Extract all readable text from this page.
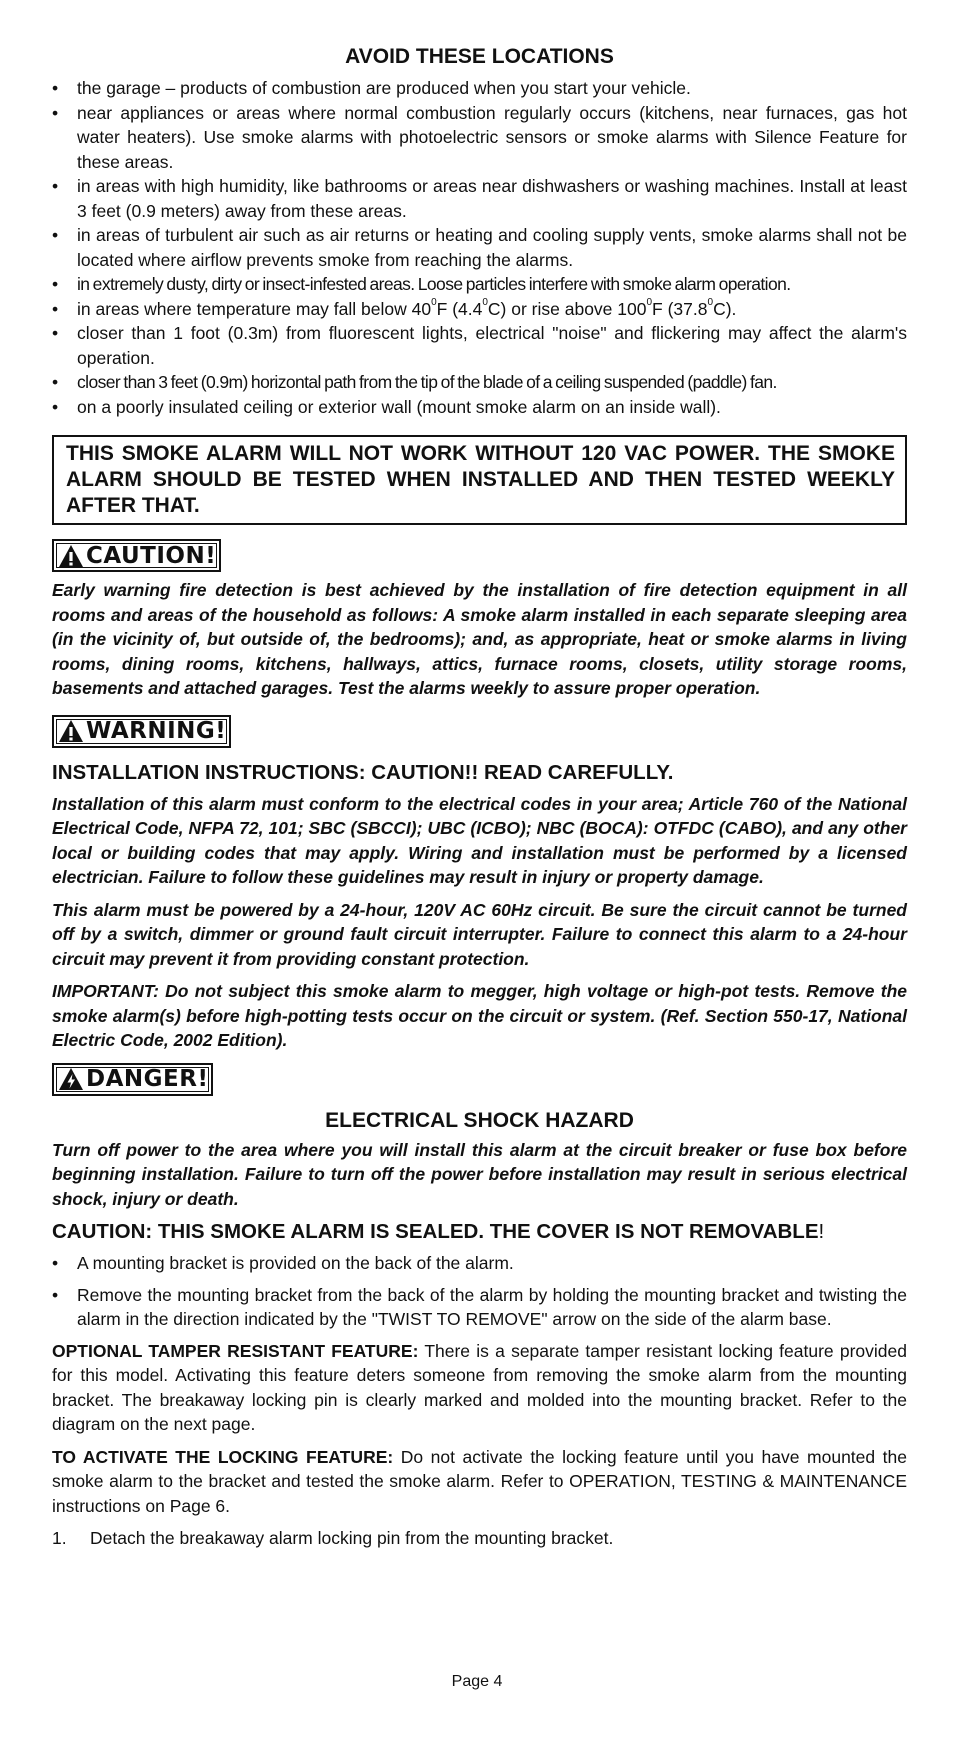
AVOID THESE LOCATIONS
• the garage – products of combustion are produced when you start your vehicle.
• near appliances or areas where normal combustion regularly occurs (kitchens, near furnaces, gas hot water heaters). Use smoke alarms with photoelectric sensors or smoke alarms with Silence Feature for these areas.
• in areas with high humidity, like bathrooms or areas near dishwashers or washing machines. Install at least 3 feet (0.9 meters) away from these areas.
• in areas of turbulent air such as air returns or heating and cooling supply vents, smoke alarms shall not be located where airflow prevents smoke from reaching the alarms.
• in extremely dusty, dirty or insect-infested areas. Loose particles interfere with smoke alarm operation.
• in areas where temperature may fall below $40^0F$ $(4.4^0C)$ or rise above $100^0F$ (37.8$^0$C).
• closer than 1 foot (0.3m) from fluorescent lights, electrical "noise" and flickering may affect the alarm's operation.
• closer than 3 feet (0.9m) horizontal path from the tip of the blade of a ceiling suspended (paddle) fan.
• on a poorly insulated ceiling or exterior wall (mount smoke alarm on an inside wall).
THIS SMOKE ALARM WILL NOT WORK WITHOUT 120 VAC POWER. THE SMOKE ALARM SHOULD BE TESTED WHEN INSTALLED AND THEN TESTED WEEKLY AFTER THAT.
CAUTION!
Early warning fire detection is best achieved by the installation of fire detection equipment in all rooms and areas of the household as follows: A smoke alarm installed in each separate sleeping area (in the vicinity of, but outside of, the bedrooms); and, as appropriate, heat or smoke alarms in living rooms, dining rooms, kitchens, hallways, attics, furnace rooms, closets, utility storage rooms, basements and attached garages. Test the alarms weekly to assure proper operation.
WARNING!
INSTALLATION INSTRUCTIONS: CAUTION!! READ CAREFULLY.
Installation of this alarm must conform to the electrical codes in your area; Article 760 of the National Electrical Code, NFPA 72, 101; SBC (SBCCI); UBC (ICBO); NBC (BOCA): OTFDC (CABO), and any other local or building codes that may apply. Wiring and installation must be performed by a licensed electrician. Failure to follow these guidelines may result in injury or property damage.
This alarm must be powered by a 24-hour, 120V AC 60Hz circuit. Be sure the circuit cannot be turned off by a switch, dimmer or ground fault circuit interrupter. Failure to connect this alarm to a 24-hour circuit may prevent it from providing constant protection.
IMPORTANT: Do not subject this smoke alarm to megger, high voltage or high-pot tests. Remove the smoke alarm(s) before high-potting tests occur on the circuit or system. (Ref. Section 550-17, National Electric Code, 2002 Edition).
DANGER!
ELECTRICAL SHOCK HAZARD
Turn off power to the area where you will install this alarm at the circuit breaker or fuse box before beginning installation. Failure to turn off the power before installation may result in serious electrical shock, injury or death.
CAUTION: THIS SMOKE ALARM IS SEALED. THE COVER IS NOT REMOVABLE!
• A mounting bracket is provided on the back of the alarm.
• Remove the mounting bracket from the back of the alarm by holding the mounting bracket and twisting the alarm in the direction indicated by the "TWIST TO REMOVE" arrow on the side of the alarm base.
OPTIONAL TAMPER RESISTANT FEATURE: There is a separate tamper resistant locking feature provided for this model. Activating this feature deters someone from removing the smoke alarm from the mounting bracket. The breakaway locking pin is clearly marked and molded into the mounting bracket. Refer to the diagram on the next page.
TO ACTIVATE THE LOCKING FEATURE: Do not activate the locking feature until you have mounted the smoke alarm to the bracket and tested the smoke alarm. Refer to OPERATION, TESTING & MAINTENANCE instructions on Page 6.
1. Detach the breakaway alarm locking pin from the mounting bracket.
Page 4
